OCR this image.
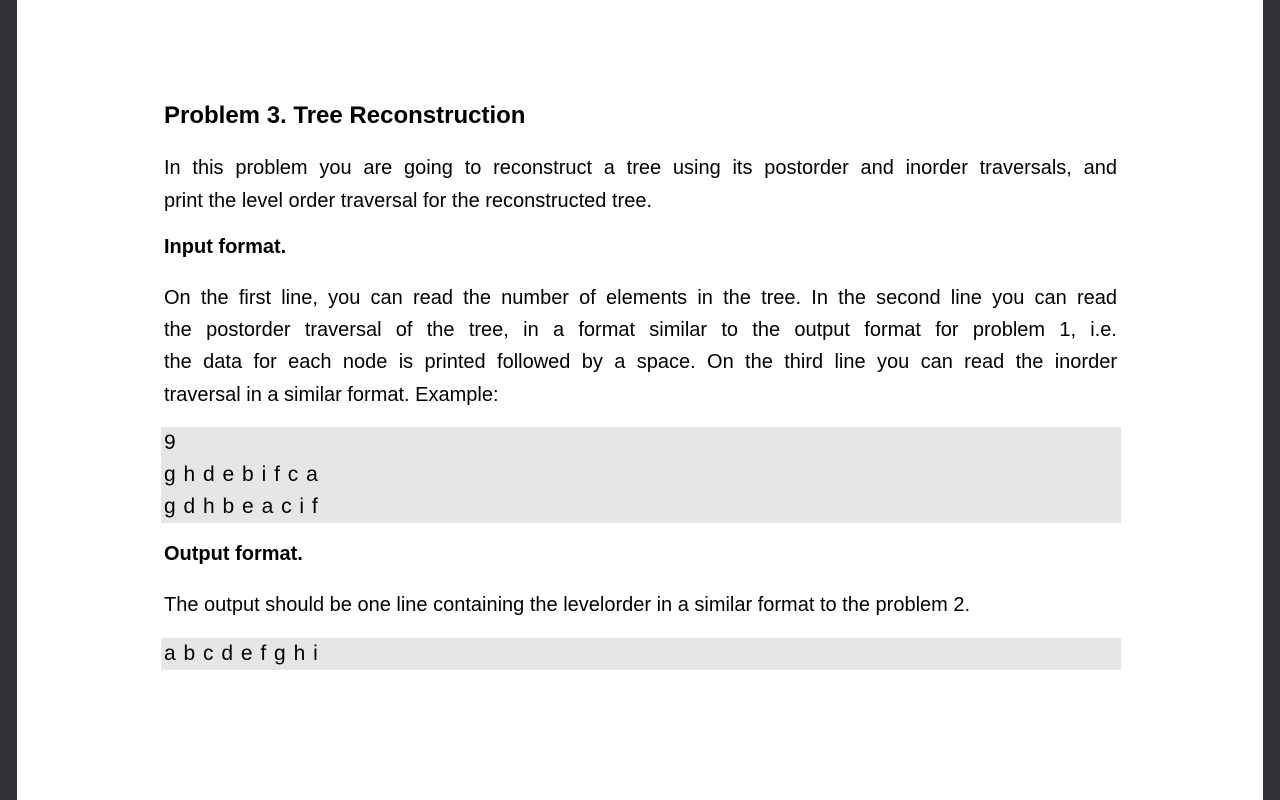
Problem 3. Tree Reconstruction
In this problem you are going to reconstruct a tree using its postorder and inorder traversals, and
print the level order traversal for the reconstructed tree.
Input format.
On the first line, you can read the number of elements in the tree. In the second line you can read
the postorder traversal of the tree, in a format similar to the output format for problem 1, i.e.
the data for each node is printed followed by a space. On the third line you can read the inorder
traversal in a similar format. Example:
9
g h d e b i f c a
g d h b e a c i f
Output format.
The output should be one line containing the levelorder in a similar format to the problem 2.
a b c d e f g h i
